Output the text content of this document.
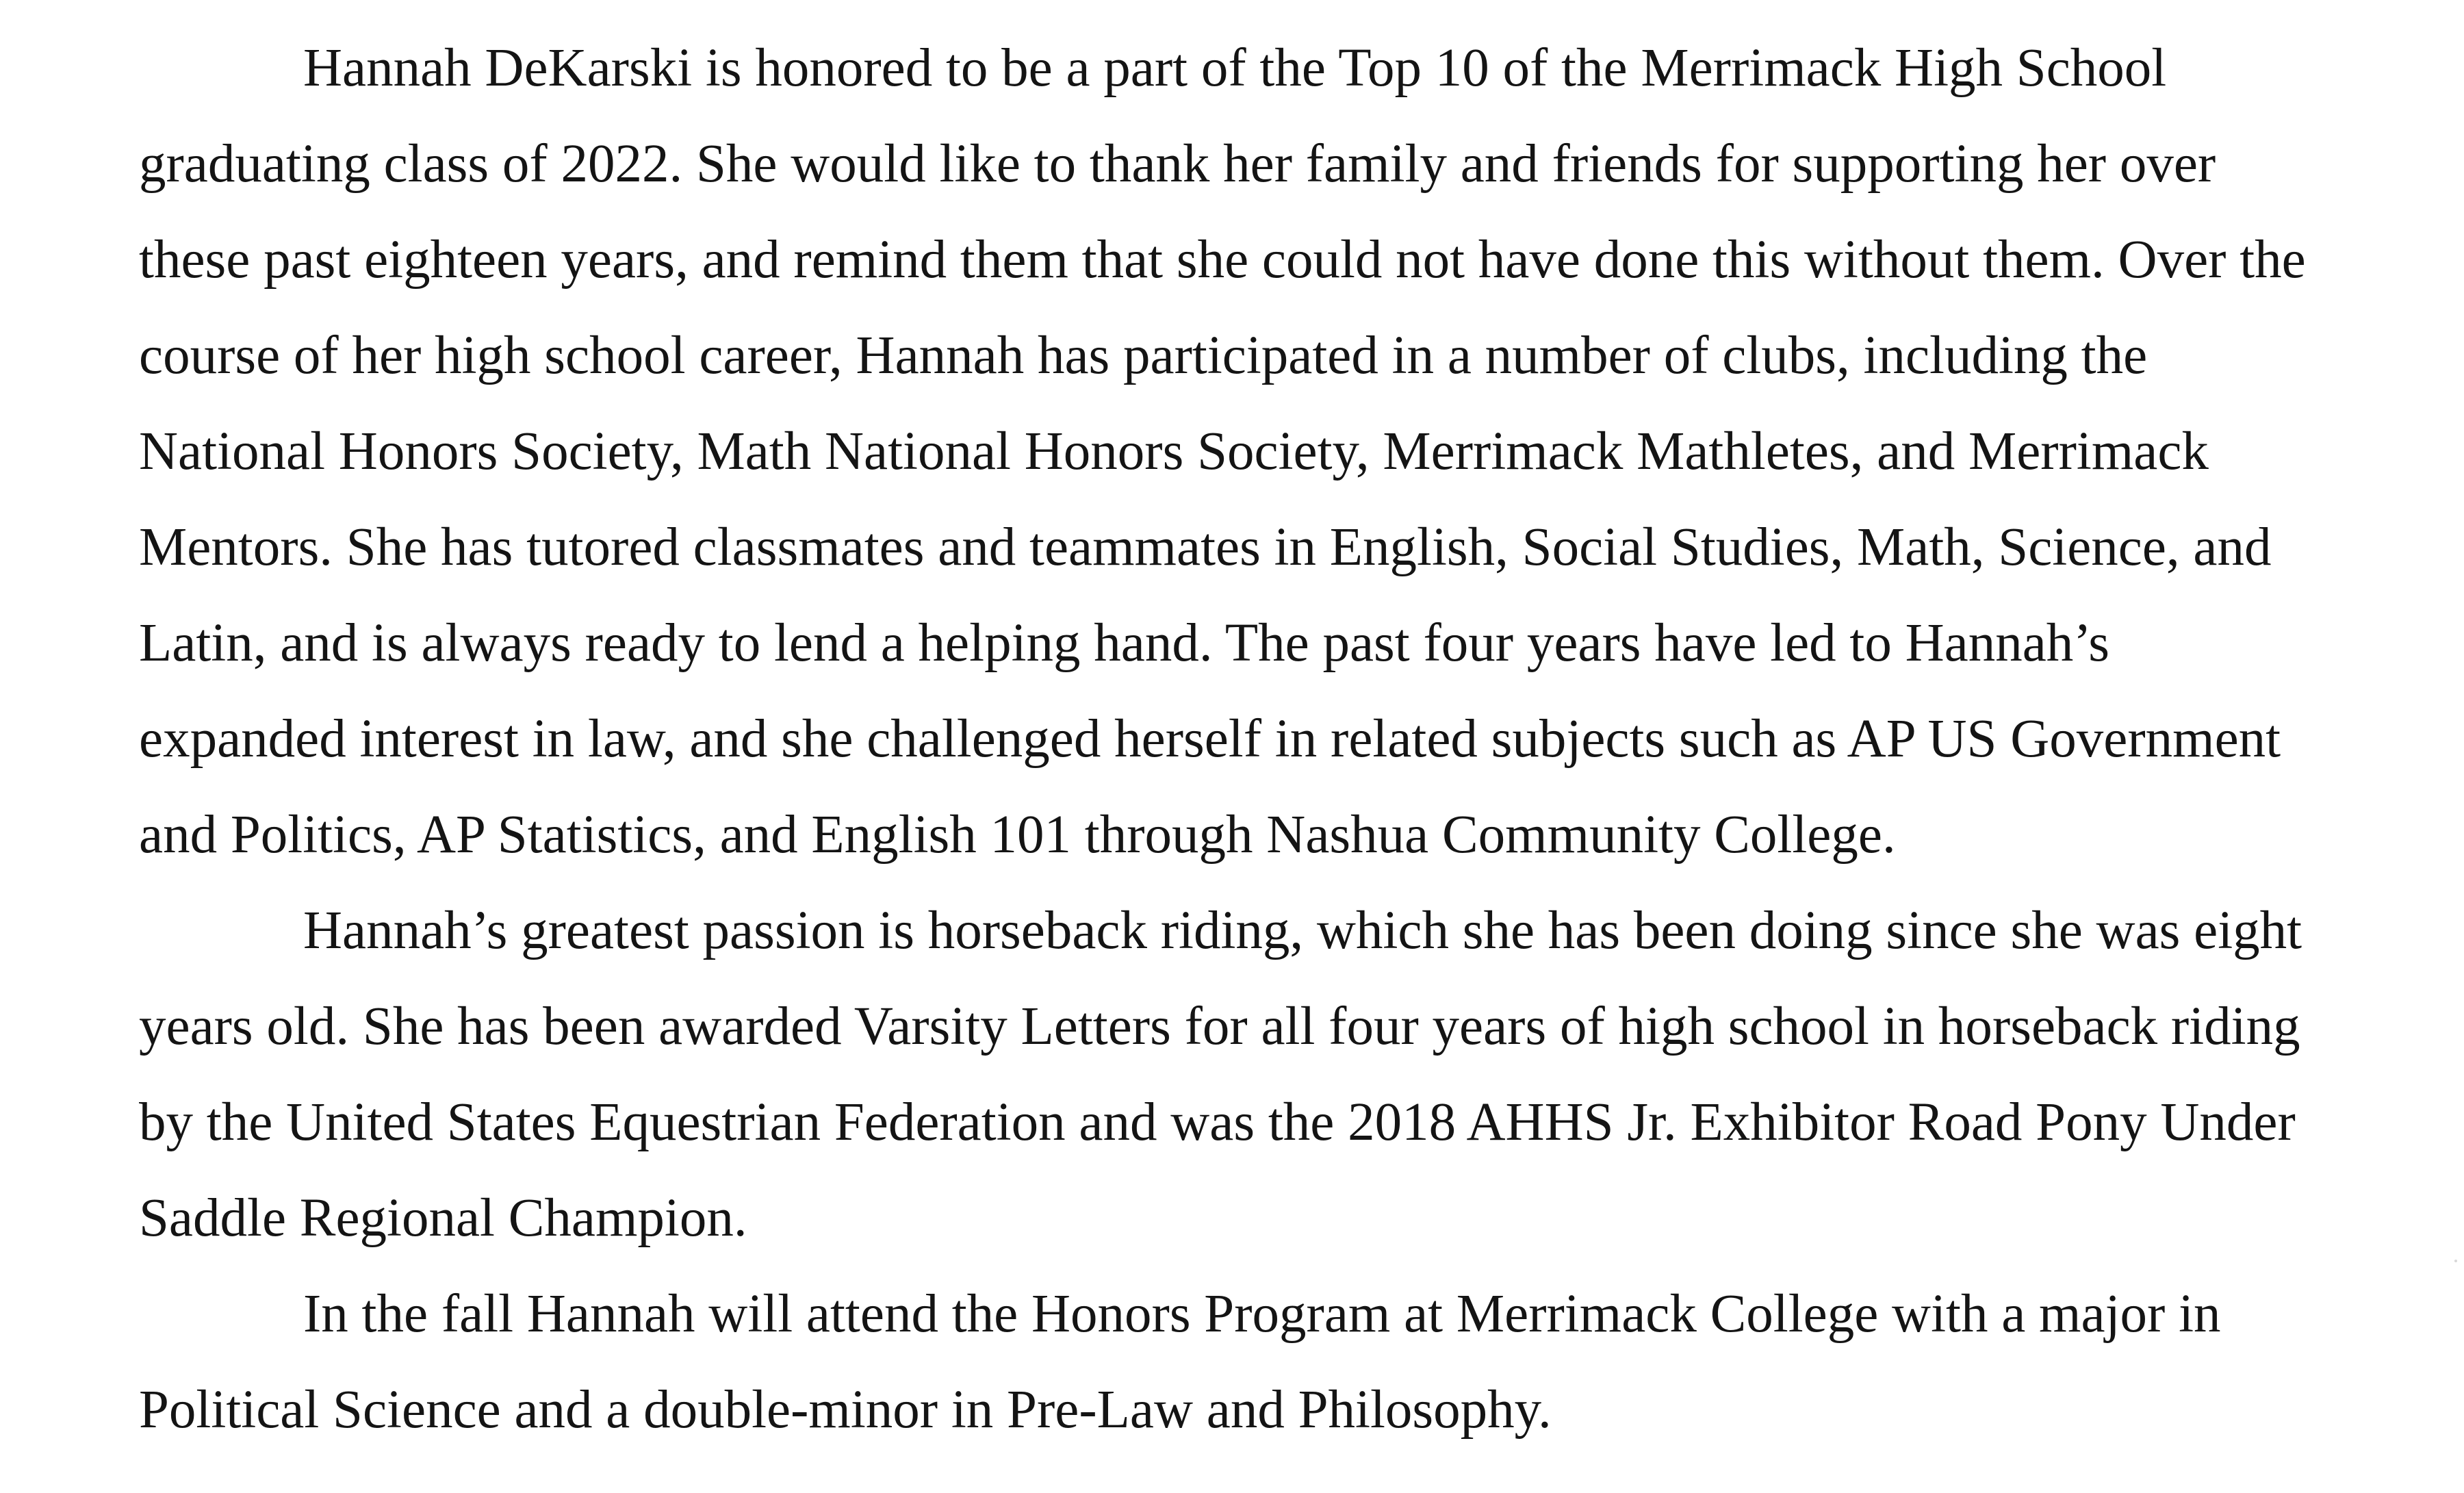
Hannah DeKarski is honored to be a part of the Top 10 of the Merrimack High School graduating class of 2022. She would like to thank her family and friends for supporting her over these past eighteen years, and remind them that she could not have done this without them. Over the course of her high school career, Hannah has participated in a number of clubs, including the National Honors Society, Math National Honors Society, Merrimack Mathletes, and Merrimack Mentors. She has tutored classmates and teammates in English, Social Studies, Math, Science, and Latin, and is always ready to lend a helping hand. The past four years have led to Hannah’s expanded interest in law, and she challenged herself in related subjects such as AP US Government and Politics, AP Statistics, and English 101 through Nashua Community College.

Hannah’s greatest passion is horseback riding, which she has been doing since she was eight years old. She has been awarded Varsity Letters for all four years of high school in horseback riding by the United States Equestrian Federation and was the 2018 AHHS Jr. Exhibitor Road Pony Under Saddle Regional Champion.

In the fall Hannah will attend the Honors Program at Merrimack College with a major in Political Science and a double-minor in Pre-Law and Philosophy.
